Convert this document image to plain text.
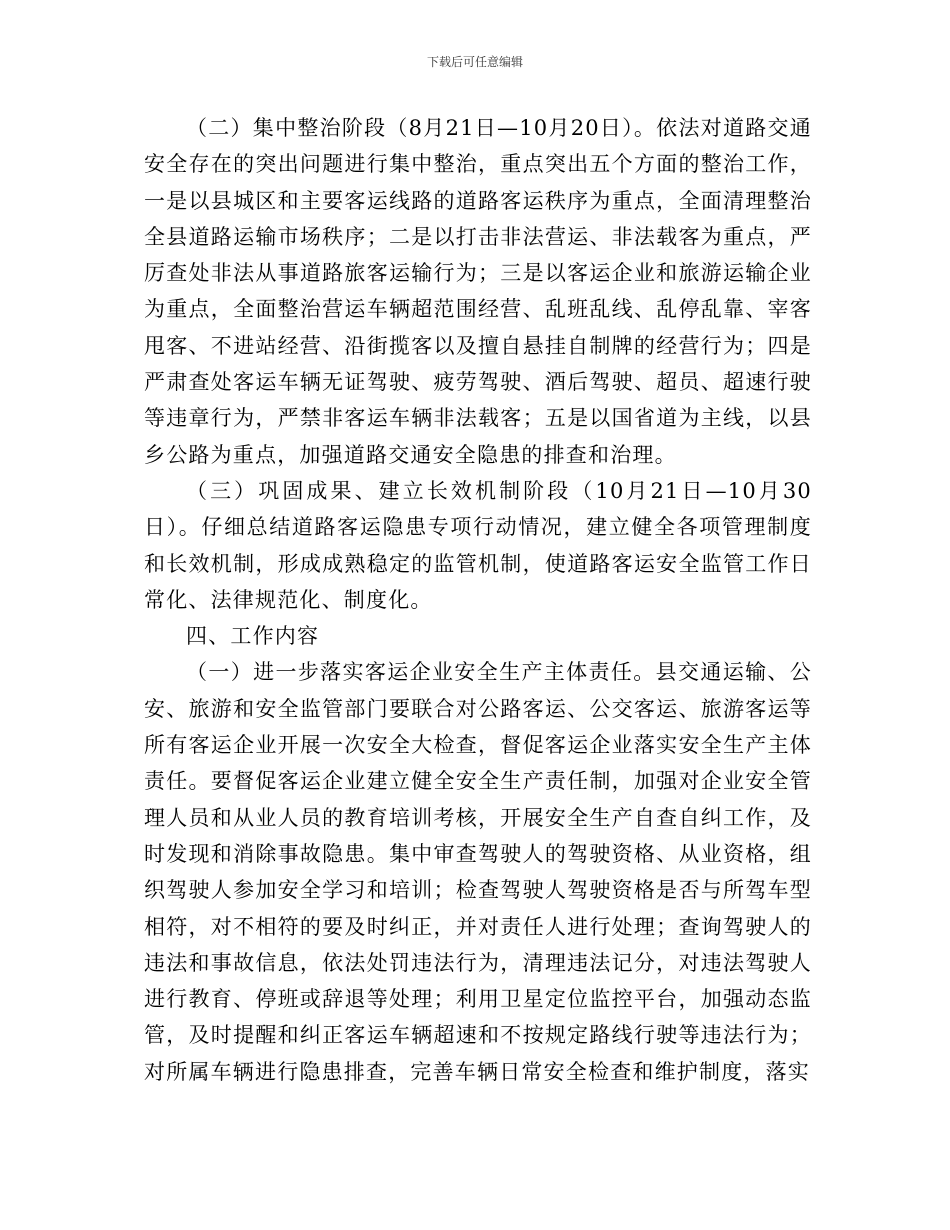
下载后可任意编辑

（二）集中整治阶段（8月21日—10月20日）。依法对道路交通安全存在的突出问题进行集中整治，重点突出五个方面的整治工作，一是以县城区和主要客运线路的道路客运秩序为重点，全面清理整治全县道路运输市场秩序；二是以打击非法营运、非法载客为重点，严厉查处非法从事道路旅客运输行为；三是以客运企业和旅游运输企业为重点，全面整治营运车辆超范围经营、乱班乱线、乱停乱靠、宰客甩客、不进站经营、沿街揽客以及擅自悬挂自制牌的经营行为；四是严肃查处客运车辆无证驾驶、疲劳驾驶、酒后驾驶、超员、超速行驶等违章行为，严禁非客运车辆非法载客；五是以国省道为主线，以县乡公路为重点，加强道路交通安全隐患的排查和治理。

（三）巩固成果、建立长效机制阶段（10月21日—10月30日）。仔细总结道路客运隐患专项行动情况，建立健全各项管理制度和长效机制，形成成熟稳定的监管机制，使道路客运安全监管工作日常化、法律规范化、制度化。

四、工作内容

（一）进一步落实客运企业安全生产主体责任。县交通运输、公安、旅游和安全监管部门要联合对公路客运、公交客运、旅游客运等所有客运企业开展一次安全大检查，督促客运企业落实安全生产主体责任。要督促客运企业建立健全安全生产责任制，加强对企业安全管理人员和从业人员的教育培训考核，开展安全生产自查自纠工作，及时发现和消除事故隐患。集中审查驾驶人的驾驶资格、从业资格，组织驾驶人参加安全学习和培训；检查驾驶人驾驶资格是否与所驾车型相符，对不相符的要及时纠正，并对责任人进行处理；查询驾驶人的违法和事故信息，依法处罚违法行为，清理违法记分，对违法驾驶人进行教育、停班或辞退等处理；利用卫星定位监控平台，加强动态监管，及时提醒和纠正客运车辆超速和不按规定路线行驶等违法行为；对所属车辆进行隐患排查，完善车辆日常安全检查和维护制度，落实
